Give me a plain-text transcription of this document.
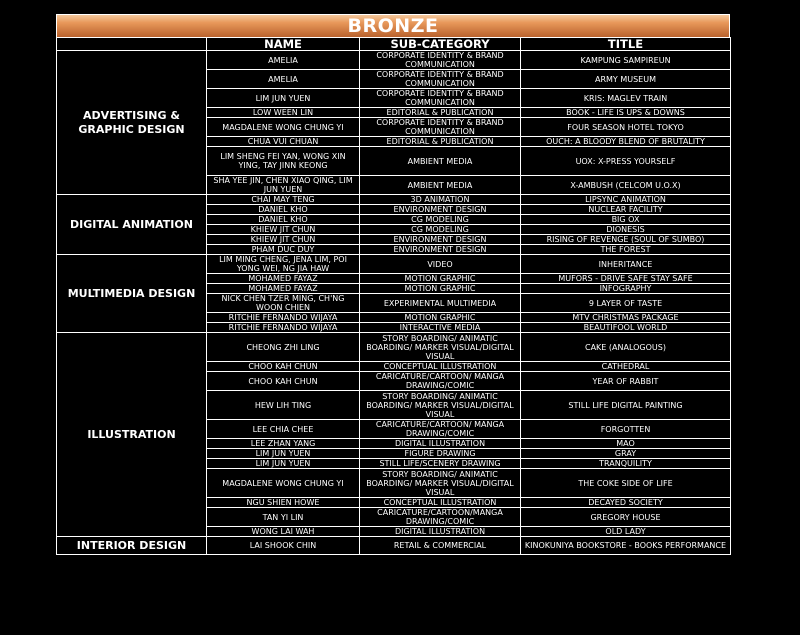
BRONZE
	NAME	SUB-CATEGORY	TITLE
ADVERTISING & GRAPHIC DESIGN	AMELIA	CORPORATE IDENTITY & BRAND COMMUNICATION	KAMPUNG SAMPIREUN
	AMELIA	CORPORATE IDENTITY & BRAND COMMUNICATION	ARMY MUSEUM
	LIM JUN YUEN	CORPORATE IDENTITY & BRAND COMMUNICATION	KRIS: MAGLEV TRAIN
	LOW WEEN LIN	EDITORIAL & PUBLICATION	BOOK - LIFE IS UPS & DOWNS
	MAGDALENE WONG CHUNG YI	CORPORATE IDENTITY & BRAND COMMUNICATION	FOUR SEASON HOTEL TOKYO
	CHUA VUI CHUAN	EDITORIAL & PUBLICATION	OUCH: A BLOODY BLEND OF BRUTALITY
	LIM SHENG FEI YAN, WONG XIN YING, TAY JINN KEONG	AMBIENT MEDIA	UOX: X-PRESS YOURSELF
	SHA YEE JIN, CHEN XIAO QING, LIM JUN YUEN	AMBIENT MEDIA	X-AMBUSH (CELCOM U.O.X)
DIGITAL ANIMATION	CHAI MAY TENG	3D ANIMATION	LIPSYNC ANIMATION
	DANIEL KHO	ENVIRONMENT DESIGN	NUCLEAR FACILITY
	DANIEL KHO	CG MODELING	BIG OX
	KHIEW JIT CHUN	CG MODELING	DIONESIS
	KHIEW JIT CHUN	ENVIRONMENT DESIGN	RISING OF REVENGE (SOUL OF SUMBO)
	PHAM DUC DUY	ENVIRONMENT DESIGN	THE FOREST
MULTIMEDIA DESIGN	LIM MING CHENG, JENA LIM, POI YONG WEI, NG JIA HAW	VIDEO	INHERITANCE
	MOHAMED FAYAZ	MOTION GRAPHIC	MUFORS - DRIVE SAFE STAY SAFE
	MOHAMED FAYAZ	MOTION GRAPHIC	INFOGRAPHY
	NICK CHEN TZER MING, CH'NG WOON CHIEN	EXPERIMENTAL MULTIMEDIA	9 LAYER OF TASTE
	RITCHIE FERNANDO WIJAYA	MOTION GRAPHIC	MTV CHRISTMAS PACKAGE
	RITCHIE FERNANDO WIJAYA	INTERACTIVE MEDIA	BEAUTIFOOL WORLD
ILLUSTRATION	CHEONG ZHI LING	STORY BOARDING/ ANIMATIC BOARDING/ MARKER VISUAL/DIGITAL VISUAL	CAKE (ANALOGOUS)
	CHOO KAH CHUN	CONCEPTUAL ILLUSTRATION	CATHEDRAL
	CHOO KAH CHUN	CARICATURE/CARTOON/ MANGA DRAWING/COMIC	YEAR OF RABBIT
	HEW LIH TING	STORY BOARDING/ ANIMATIC BOARDING/ MARKER VISUAL/DIGITAL VISUAL	STILL LIFE DIGITAL PAINTING
	LEE CHIA CHEE	CARICATURE/CARTOON/ MANGA DRAWING/COMIC	FORGOTTEN
	LEE ZHAN YANG	DIGITAL ILLUSTRATION	MAO
	LIM JUN YUEN	FIGURE DRAWING	GRAY
	LIM JUN YUEN	STILL LIFE/SCENERY DRAWING	TRANQUILITY
	MAGDALENE WONG CHUNG YI	STORY BOARDING/ ANIMATIC BOARDING/ MARKER VISUAL/DIGITAL VISUAL	THE COKE SIDE OF LIFE
	NGU SHIEN HOWE	CONCEPTUAL ILLUSTRATION	DECAYED SOCIETY
	TAN YI LIN	CARICATURE/CARTOON/MANGA DRAWING/COMIC	GREGORY HOUSE
	WONG LAI WAH	DIGITAL ILLUSTRATION	OLD LADY
INTERIOR DESIGN	LAI SHOOK CHIN	RETAIL & COMMERCIAL	KINOKUNIYA BOOKSTORE - BOOKS PERFORMANCE
